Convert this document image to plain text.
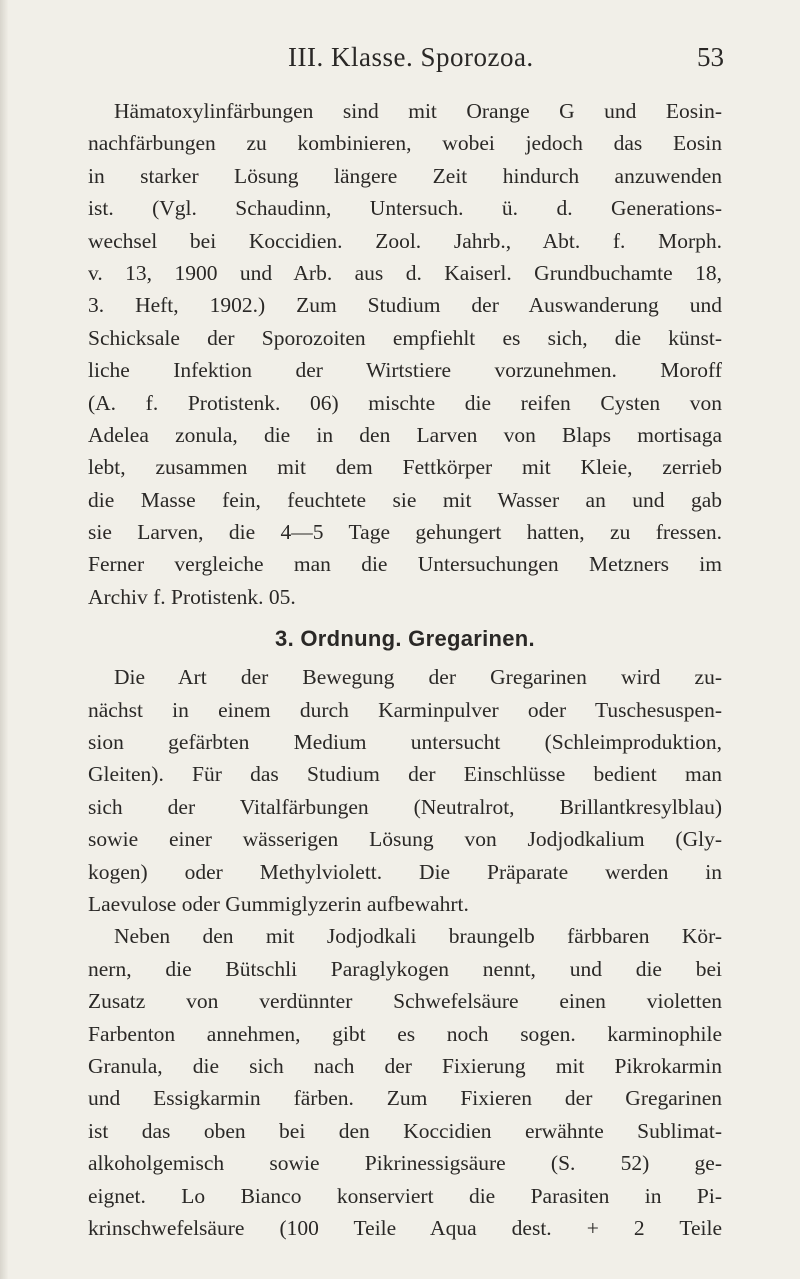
III. Klasse. Sporozoa.	53
Hämatoxylinfärbungen sind mit Orange G und Eosin-
nachfärbungen zu kombinieren, wobei jedoch das Eosin
in starker Lösung längere Zeit hindurch anzuwenden
ist. (Vgl. Schaudinn, Untersuch. ü. d. Generations-
wechsel bei Koccidien. Zool. Jahrb., Abt. f. Morph.
v. 13, 1900 und Arb. aus d. Kaiserl. Grundbuchamte 18,
3. Heft, 1902.) Zum Studium der Auswanderung und
Schicksale der Sporozoiten empfiehlt es sich, die künst-
liche Infektion der Wirtstiere vorzunehmen. Moroff
(A. f. Protistenk. 06) mischte die reifen Cysten von
Adelea zonula, die in den Larven von Blaps mortisaga
lebt, zusammen mit dem Fettkörper mit Kleie, zerrieb
die Masse fein, feuchtete sie mit Wasser an und gab
sie Larven, die 4—5 Tage gehungert hatten, zu fressen.
Ferner vergleiche man die Untersuchungen Metzners im
Archiv f. Protistenk. 05.
3. Ordnung. Gregarinen.
Die Art der Bewegung der Gregarinen wird zu-
nächst in einem durch Karminpulver oder Tuschesuspen-
sion gefärbten Medium untersucht (Schleimproduktion,
Gleiten). Für das Studium der Einschlüsse bedient man
sich der Vitalfärbungen (Neutralrot, Brillantkresylblau)
sowie einer wässerigen Lösung von Jodjodkalium (Gly-
kogen) oder Methylviolett. Die Präparate werden in
Laevulose oder Gummiglyzerin aufbewahrt.
Neben den mit Jodjodkali braungelb färbbaren Kör-
nern, die Bütschli Paraglykogen nennt, und die bei
Zusatz von verdünnter Schwefelsäure einen violetten
Farbenton annehmen, gibt es noch sogen. karminophile
Granula, die sich nach der Fixierung mit Pikrokarmin
und Essigkarmin färben. Zum Fixieren der Gregarinen
ist das oben bei den Koccidien erwähnte Sublimat-
alkoholgemisch sowie Pikrinessigsäure (S. 52) ge-
eignet. Lo Bianco konserviert die Parasiten in Pi-
krinschwefelsäure (100 Teile Aqua dest. + 2 Teile
